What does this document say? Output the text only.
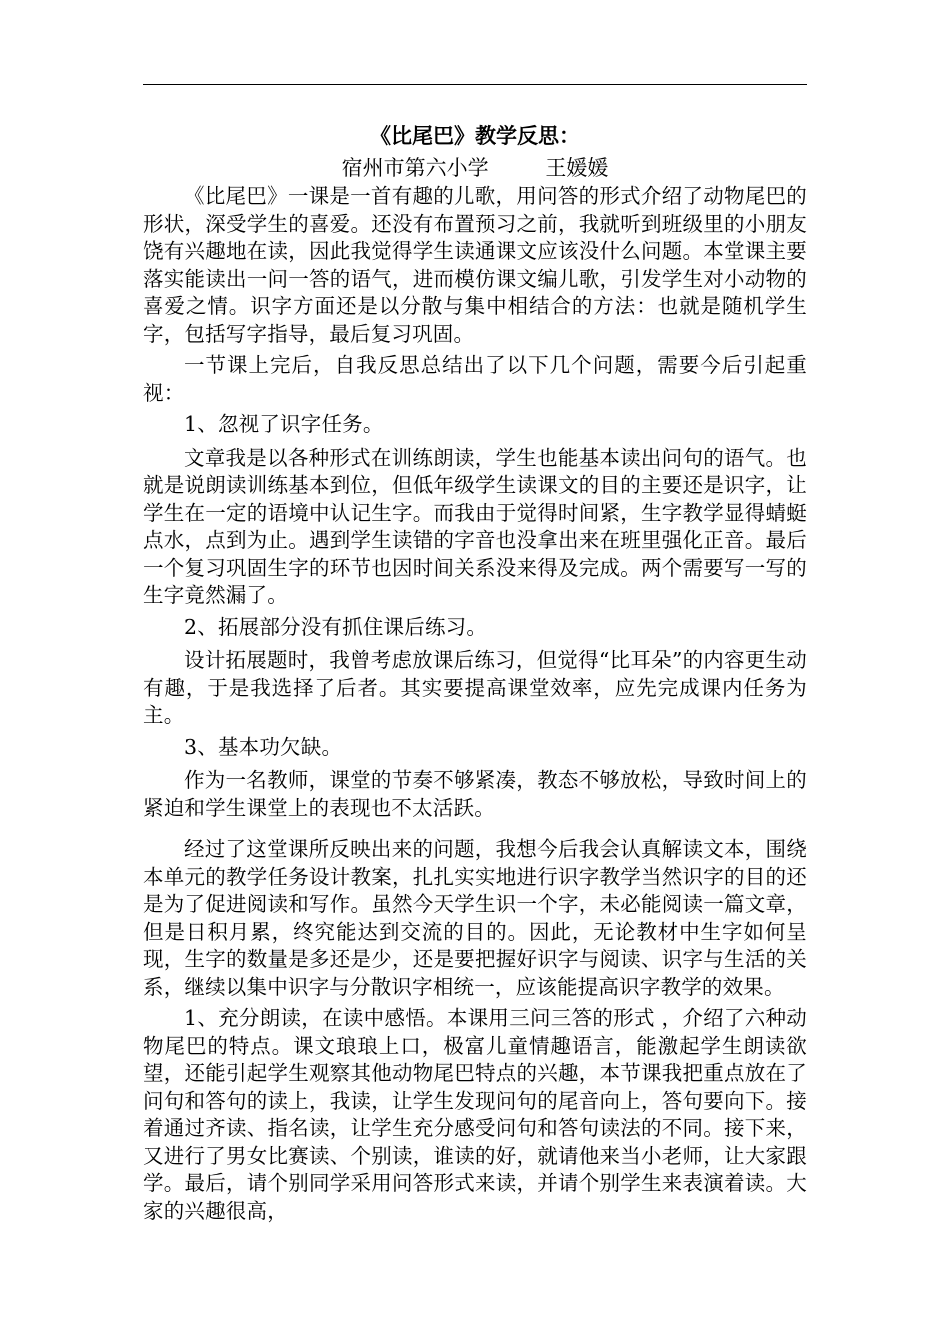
《比尾巴》教学反思：

宿州市第六小学	王媛媛

《比尾巴》一课是一首有趣的儿歌，用问答的形式介绍了动物尾巴的形状，深受学生的喜爱。还没有布置预习之前，我就听到班级里的小朋友饶有兴趣地在读，因此我觉得学生读通课文应该没什么问题。本堂课主要落实能读出一问一答的语气，进而模仿课文编儿歌，引发学生对小动物的喜爱之情。识字方面还是以分散与集中相结合的方法：也就是随机学生字，包括写字指导，最后复习巩固。

一节课上完后，自我反思总结出了以下几个问题，需要今后引起重视：

1、忽视了识字任务。

文章我是以各种形式在训练朗读，学生也能基本读出问句的语气。也就是说朗读训练基本到位，但低年级学生读课文的目的主要还是识字，让学生在一定的语境中认记生字。而我由于觉得时间紧，生字教学显得蜻蜓点水，点到为止。遇到学生读错的字音也没拿出来在班里强化正音。最后一个复习巩固生字的环节也因时间关系没来得及完成。两个需要写一写的生字竟然漏了。

2、拓展部分没有抓住课后练习。

设计拓展题时，我曾考虑放课后练习，但觉得“比耳朵”的内容更生动有趣，于是我选择了后者。其实要提高课堂效率，应先完成课内任务为主。

3、基本功欠缺。

作为一名教师，课堂的节奏不够紧凑，教态不够放松，导致时间上的紧迫和学生课堂上的表现也不太活跃。

经过了这堂课所反映出来的问题，我想今后我会认真解读文本，围绕本单元的教学任务设计教案，扎扎实实地进行识字教学当然识字的目的还是为了促进阅读和写作。虽然今天学生识一个字，未必能阅读一篇文章，但是日积月累，终究能达到交流的目的。因此，无论教材中生字如何呈现，生字的数量是多还是少，还是要把握好识字与阅读、识字与生活的关系，继续以集中识字与分散识字相统一，应该能提高识字教学的效果。

1、充分朗读，在读中感悟。本课用三问三答的形式 ，介绍了六种动物尾巴的特点。课文琅琅上口，极富儿童情趣语言，能激起学生朗读欲望，还能引起学生观察其他动物尾巴特点的兴趣，本节课我把重点放在了问句和答句的读上，我读，让学生发现问句的尾音向上，答句要向下。接着通过齐读、指名读，让学生充分感受问句和答句读法的不同。接下来，又进行了男女比赛读、个别读，谁读的好，就请他来当小老师，让大家跟学。最后，请个别同学采用问答形式来读，并请个别学生来表演着读。大家的兴趣很高，
